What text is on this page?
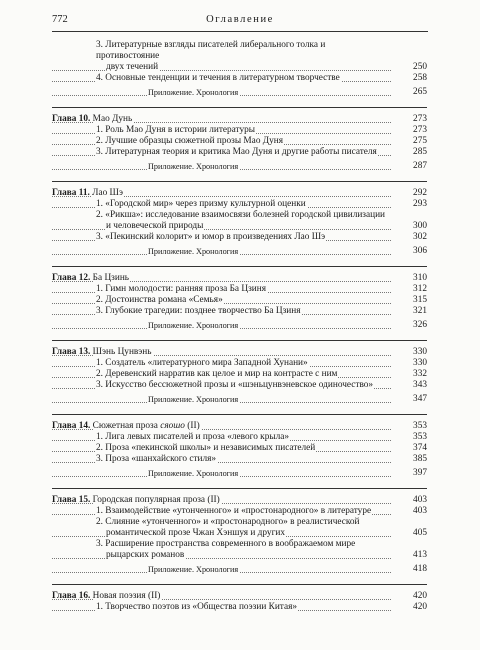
772	Оглавление
3. Литературные взгляды писателей либерального толка и противостояние
двух течений	250
4. Основные тенденции и течения в литературном творчестве	258
Приложение. Хронология	265
Глава 10. Мао Дунь	273
1. Роль Мао Дуня в истории литературы	273
2. Лучшие образцы сюжетной прозы Мао Дуня	275
3. Литературная теория и критика Мао Дуня и другие работы писателя	285
Приложение. Хронология	287
Глава 11. Лао Шэ	292
1. «Городской мир» через призму культурной оценки	293
2. «Рикша»: исследование взаимосвязи болезней городской цивилизации
и человеческой природы	300
3. «Пекинский колорит» и юмор в произведениях Лао Шэ	302
Приложение. Хронология	306
Глава 12. Ба Цзинь	310
1. Гимн молодости: ранняя проза Ба Цзиня	312
2. Достоинства романа «Семья»	315
3. Глубокие трагедии: позднее творчество Ба Цзиня	321
Приложение. Хронология	326
Глава 13. Шэнь Цунвэнь	330
1. Создатель «литературного мира Западной Хунани»	330
2. Деревенский нарратив как целое и мир на контрасте с ним	332
3. Искусство бессюжетной прозы и «шэньцунвэневское одиночество»	343
Приложение. Хронология	347
Глава 14. Сюжетная проза сяошо (II)	353
1. Лига левых писателей и проза «левого крыла»	353
2. Проза «пекинской школы» и независимых писателей	374
3. Проза «шанхайского стиля»	385
Приложение. Хронология	397
Глава 15. Городская популярная проза (II)	403
1. Взаимодействие «утонченного» и «простонародного» в литературе	403
2. Слияние «утонченного» и «простонародного» в реалистической
романтической прозе Чжан Хэншуя и других	405
3. Расширение пространства современного в воображаемом мире
рыцарских романов	413
Приложение. Хронология	418
Глава 16. Новая поэзия (II)	420
1. Творчество поэтов из «Общества поэзии Китая»	420
